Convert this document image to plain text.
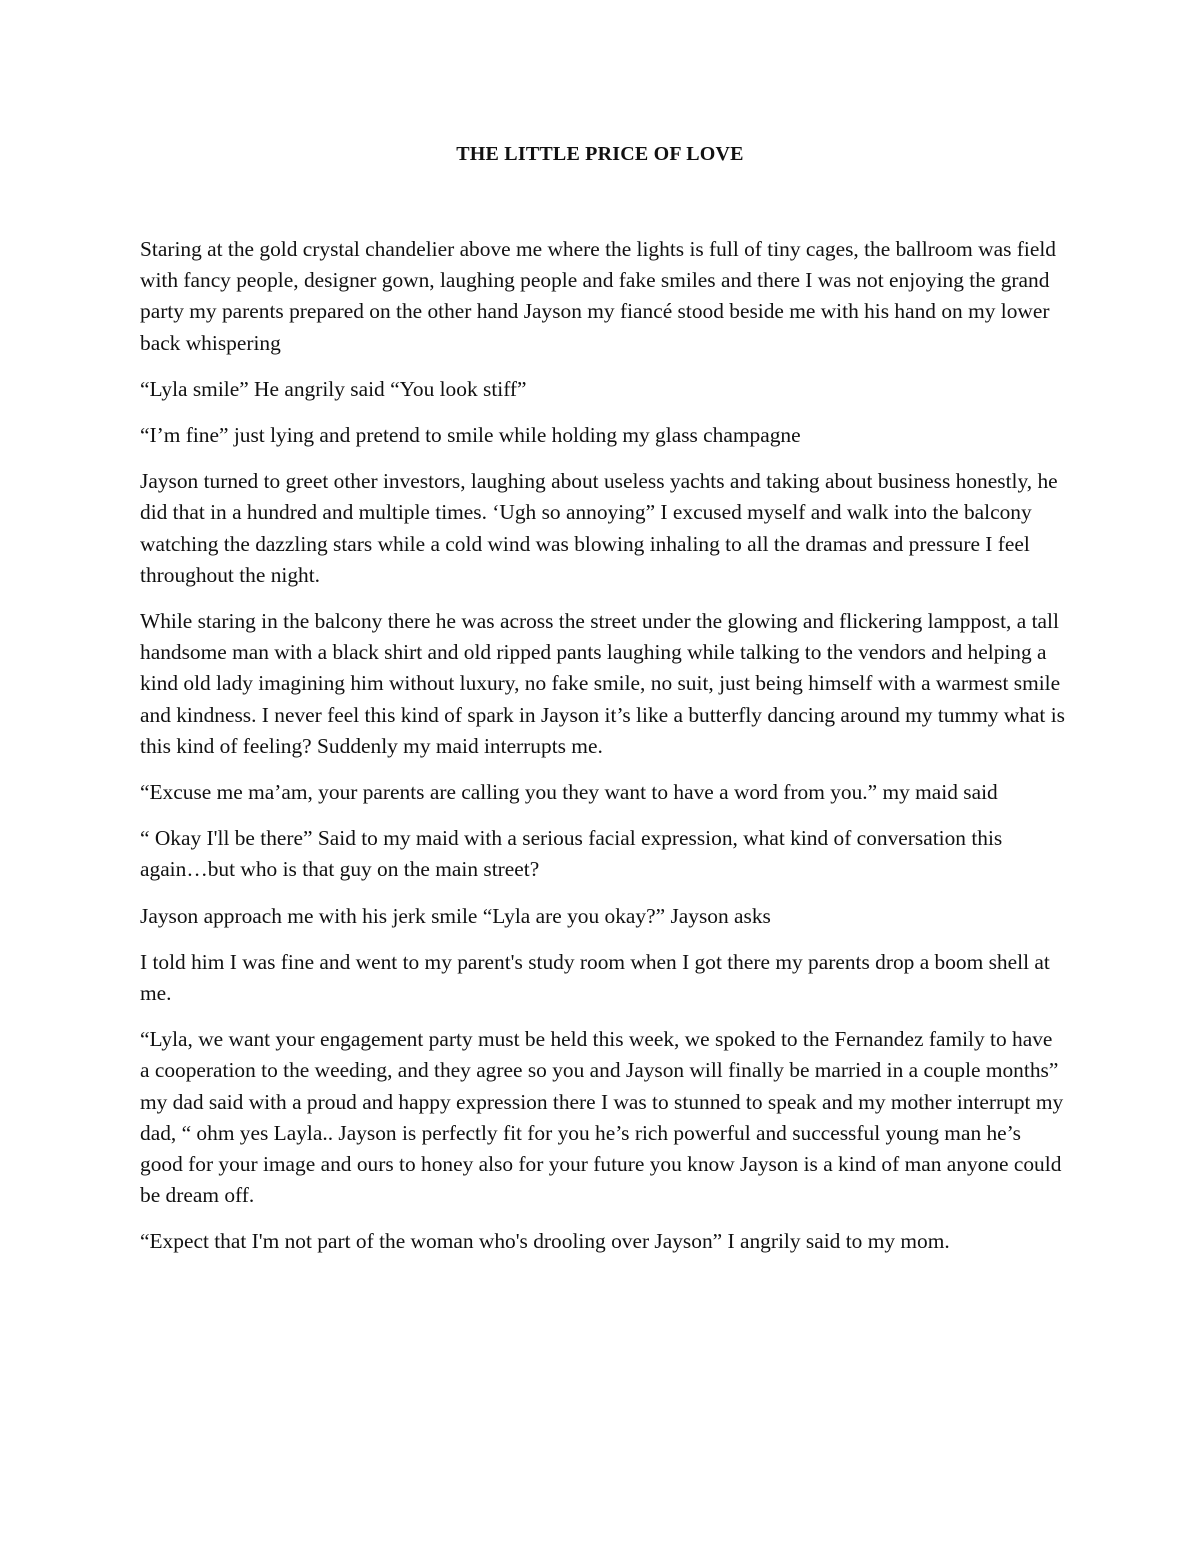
THE LITTLE PRICE OF LOVE

Staring at the gold crystal chandelier above me where the lights is full of tiny cages, the ballroom was field with fancy people, designer gown, laughing people and fake smiles and there I was not enjoying the grand party my parents prepared on the other hand Jayson my fiancé stood beside me with his hand on my lower back whispering

“Lyla smile” He angrily said “You look stiff”

“I’m fine” just lying and pretend to smile while holding my glass champagne

Jayson turned to greet other investors, laughing about useless yachts and taking about business honestly, he did that in a hundred and multiple times. ‘Ugh so annoying” I excused myself and walk into the balcony watching the dazzling stars while a cold wind was blowing inhaling to all the dramas and pressure I feel throughout the night.

While staring in the balcony there he was across the street under the glowing and flickering lamppost, a tall handsome man with a black shirt and old ripped pants laughing while talking to the vendors and helping a kind old lady imagining him without luxury, no fake smile, no suit, just being himself with a warmest smile and kindness. I never feel this kind of spark in Jayson it’s like a butterfly dancing around my tummy what is this kind of feeling? Suddenly my maid interrupts me.

“Excuse me ma’am, your parents are calling you they want to have a word from you.” my maid said

“ Okay I'll be there” Said to my maid with a serious facial expression, what kind of conversation this again…but who is that guy on the main street?

Jayson approach me with his jerk smile “Lyla are you okay?” Jayson asks

I told him I was fine and went to my parent's study room when I got there my parents drop a boom shell at me.

“Lyla, we want your engagement party must be held this week, we spoked to the Fernandez family to have a cooperation to the weeding, and they agree so you and Jayson will finally be married in a couple months” my dad said with a proud and happy expression there I was to stunned to speak and my mother interrupt my dad, “ ohm yes Layla.. Jayson is perfectly fit for you he’s rich powerful and successful young man he’s good for your image and ours to honey also for your future you know Jayson is a kind of man anyone could be dream off.

“Expect that I'm not part of the woman who's drooling over Jayson” I angrily said to my mom.
